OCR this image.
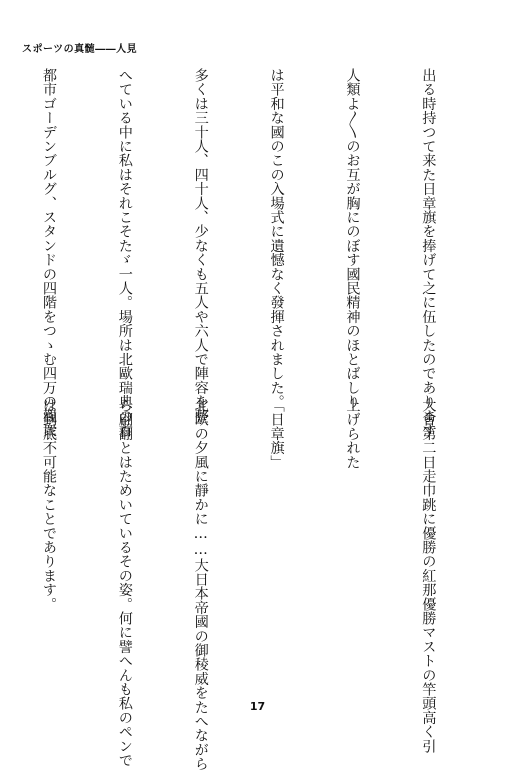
スポーツの真髄――人見

出る時持つて来た日章旗を捧げて之に伍したのであります

人類よ〳〵のお互が胸にのぼす國民精神のほとばしり

は平和な國のこの入場式に遺憾なく發揮されました。

多くは三十人、四十人、少なくも五人や六人で陣容を整

へている中に私はそれこそたゞ一人。場所は北歐瑞典の首

都市ゴーデンブルグ、スタンドの四階をつゝむ四万の觀衆

大會第二日走巾跳に優勝の紅那優勝マストの竿頭高く引

上げられた

「日章旗」

北欧の夕風に靜かに……大日本帝國の御稜威をたへながら

ら翩翻とはためいているその姿。何に譬へんも私のペンで

は到底不可能なことであります。

17
